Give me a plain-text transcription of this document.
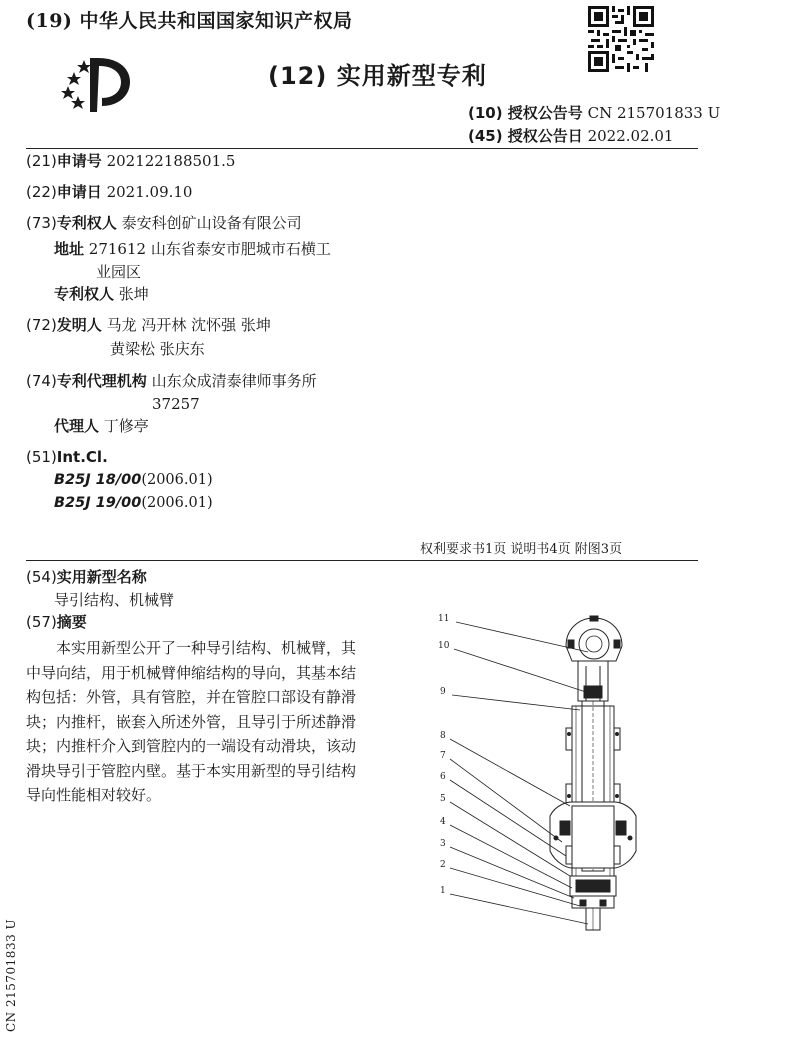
(19) 中华人民共和国国家知识产权局
(12) 实用新型专利
(10) 授权公告号 CN 215701833 U
(45) 授权公告日 2022.02.01
(21)申请号 202122188501.5
(22)申请日 2021.09.10
(73)专利权人 泰安科创矿山设备有限公司
地址 271612 山东省泰安市肥城市石横工
业园区
专利权人 张坤
(72)发明人 马龙 冯开林 沈怀强 张坤
黄梁松 张庆东
(74)专利代理机构 山东众成清泰律师事务所
37257
代理人 丁修亭
(51)Int.Cl.
B25J 18/00(2006.01)
B25J 19/00(2006.01)
权利要求书1页 说明书4页 附图3页
(54)实用新型名称
导引结构、机械臂
(57)摘要
本实用新型公开了一种导引结构、机械臂，其中导向结，用于机械臂伸缩结构的导向，其基本结构包括：外管，具有管腔，并在管腔口部设有静滑块；内推杆，嵌套入所述外管，且导引于所述静滑块；内推杆介入到管腔内的一端设有动滑块，该动滑块导引于管腔内壁。基于本实用新型的导引结构导向性能相对较好。
11
10
9
8
7
6
5
4
3
2
1
CN 215701833 U
